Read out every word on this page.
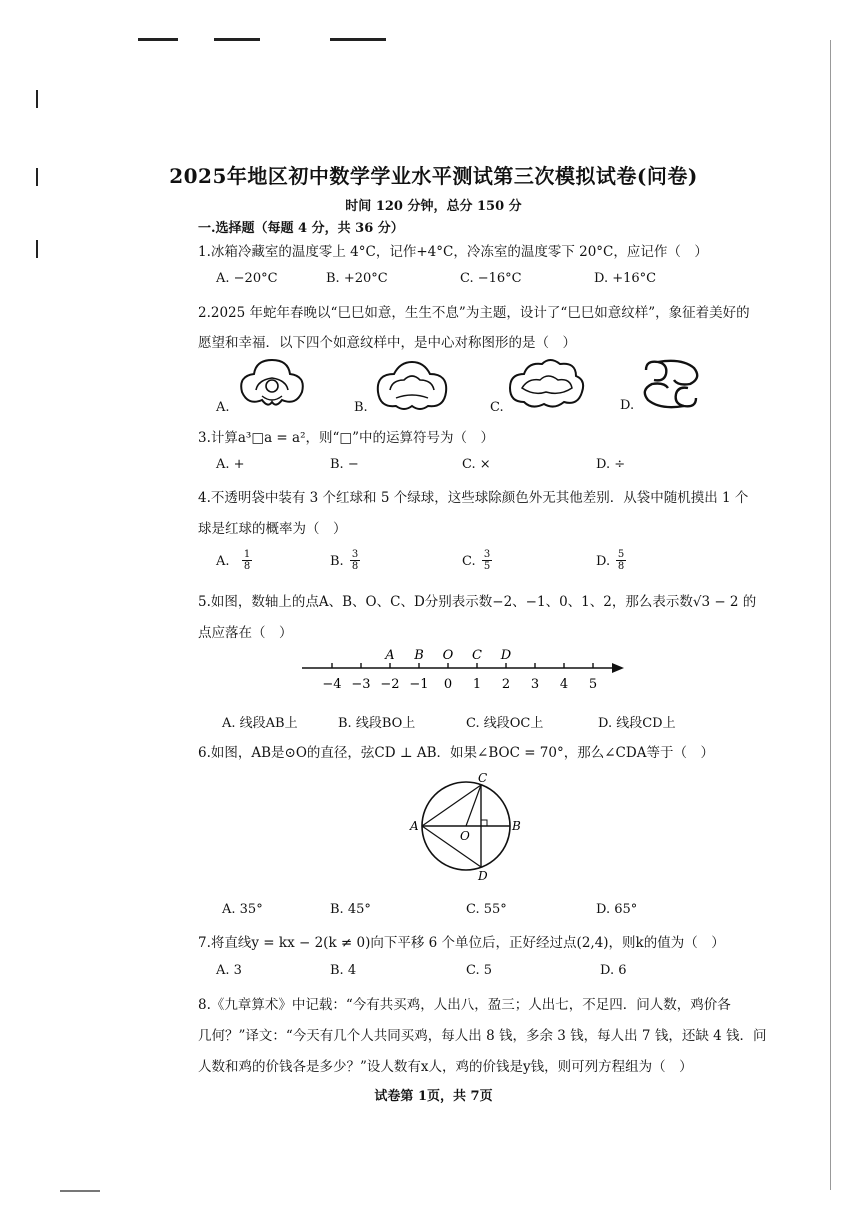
2025年地区初中数学学业水平测试第三次模拟试卷(问卷)
时间 120 分钟，总分 150 分
一.选择题（每题 4 分，共 36 分）
1.冰箱冷藏室的温度零上 4°C，记作+4°C，冷冻室的温度零下 20°C，应记作（　）
A. −20°C	B. +20°C	C. −16°C	D. +16°C
2.2025 年蛇年春晚以“巳巳如意，生生不息”为主题，设计了“巳巳如意纹样”，象征着美好的
愿望和幸福．以下四个如意纹样中，是中心对称图形的是（　）
A.	B.	C.	D.
3.计算a³□a = a²，则“□”中的运算符号为（　）
A. +	B. −	C. ×	D. ÷
4.不透明袋中装有 3 个红球和 5 个绿球，这些球除颜色外无其他差别．从袋中随机摸出 1 个
球是红球的概率为（　）
A.	B.	C.	D.
1
8
3
8
3
5
5
8
5.如图，数轴上的点A、B、O、C、D分别表示数−2、−1、0、1、2，那么表示数√3 − 2 的
点应落在（　）
−4 −3 −2 −1 0 1 2 3 4 5
A B O C D
A. 线段AB上	B. 线段BO上	C. 线段OC上	D. 线段CD上
6.如图，AB是⊙O的直径，弦CD ⊥ AB．如果∠BOC = 70°，那么∠CDA等于（　）
A	B
C
D
O
A. 35°	B. 45°	C. 55°	D. 65°
7.将直线y = kx − 2(k ≠ 0)向下平移 6 个单位后，正好经过点(2,4)，则k的值为（　）
A. 3	B. 4	C. 5	D. 6
8.《九章算术》中记载：“今有共买鸡，人出八，盈三；人出七，不足四．问人数，鸡价各
几何？”译文：“今天有几个人共同买鸡，每人出 8 钱，多余 3 钱，每人出 7 钱，还缺 4 钱．问
人数和鸡的价钱各是多少？”设人数有x人，鸡的价钱是y钱，则可列方程组为（　）
试卷第 1页，共 7页
